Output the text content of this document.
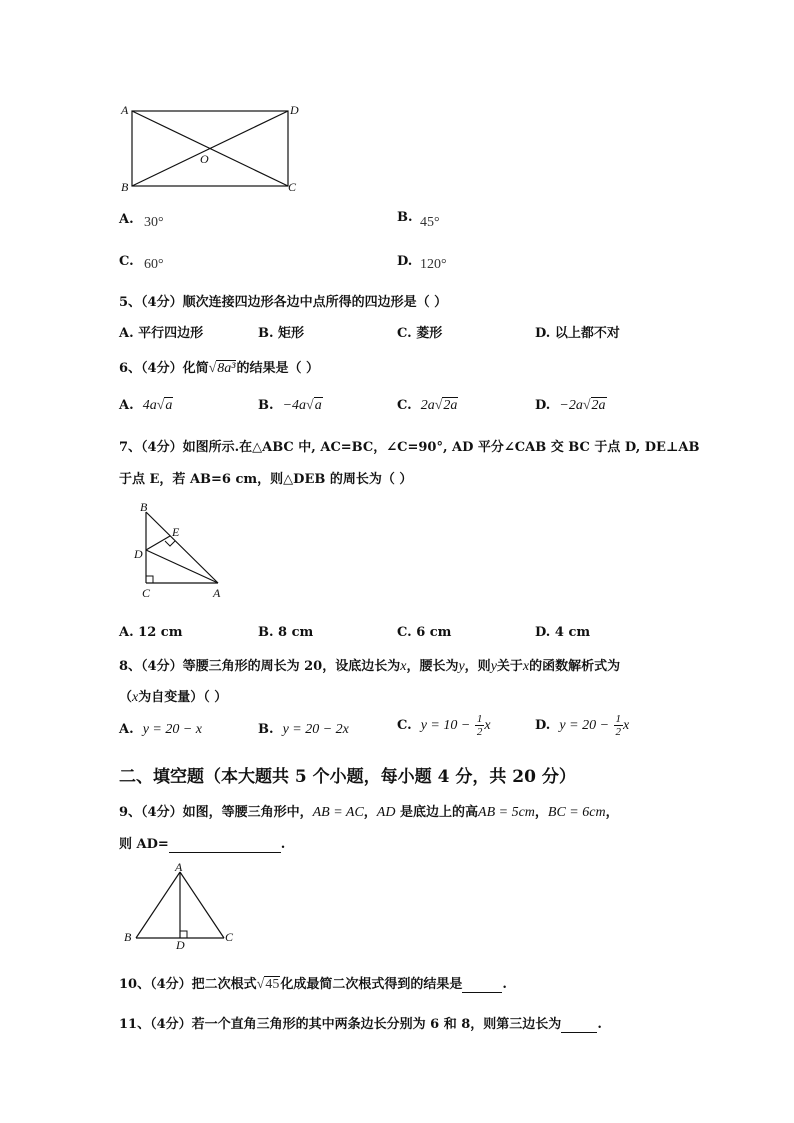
A	D
O
B	C
A. 30°	B. 45°
C. 60°	D. 120°
5、（4分）顺次连接四边形各边中点所得的四边形是（ ）
A. 平行四边形	B. 矩形	C. 菱形	D. 以上都不对
6、（4分）化简√8a³的结果是（ ）
A. 4a√a	B. −4a√a	C. 2a√2a	D. −2a√2a
7、（4分）如图所示.在△ABC 中, AC=BC，∠C=90°, AD 平分∠CAB 交 BC 于点 D, DE⊥AB
于点 E，若 AB=6 cm，则△DEB 的周长为（ ）
B
E
D
C	A
A. 12 cm	B. 8 cm	C. 6 cm	D. 4 cm
8、（4分）等腰三角形的周长为 20，设底边长为x，腰长为y，则y关于x的函数解析式为
（x为自变量）（ ）
A. y = 20 − x	B. y = 20 − 2x	C. $y = 10 - \frac{1}{2}$ x	D. $y = 20 - \frac{1}{2}$ x
二、填空题（本大题共 5 个小题，每小题 4 分，共 20 分）
9、（4分）如图，等腰三角形中，AB = AC，AD 是底边上的高AB = 5cm，BC = 6cm，
则 AD=	.
A
B
D
C
10、（4分）把二次根式√45化成最简二次根式得到的结果是	.
11、（4分）若一个直角三角形的其中两条边长分别为 6 和 8，则第三边长为	.
